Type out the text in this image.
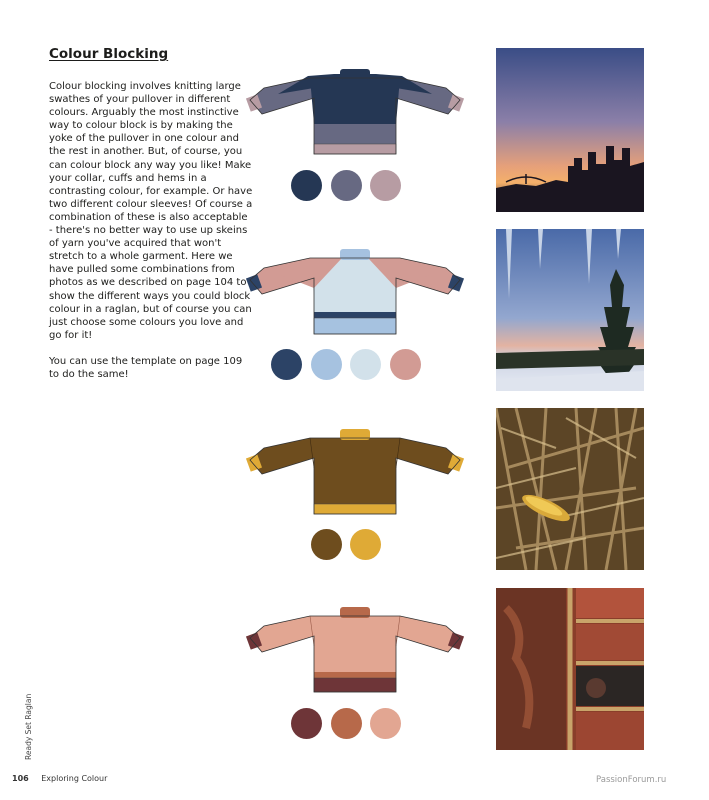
Colour Blocking

Colour blocking involves knitting large swathes of your pullover in different colours. Arguably the most instinctive way to colour block is by making the yoke of the pullover in one colour and the rest in another. But, of course, you can colour block any way you like! Make your collar, cuffs and hems in a contrasting colour, for example. Or have two different colour sleeves! Of course a combination of these is also acceptable - there's no better way to use up skeins of yarn you've acquired that won't stretch to a whole garment. Here we have pulled some combinations from photos as we described on page 104 to show the different ways you could block colour in a raglan, but of course you can just choose some colours you love and go for it!

You can use the template on page 109 to do the same!

Ready Set Raglan
106 Exploring Colour	PassionForum.ru
